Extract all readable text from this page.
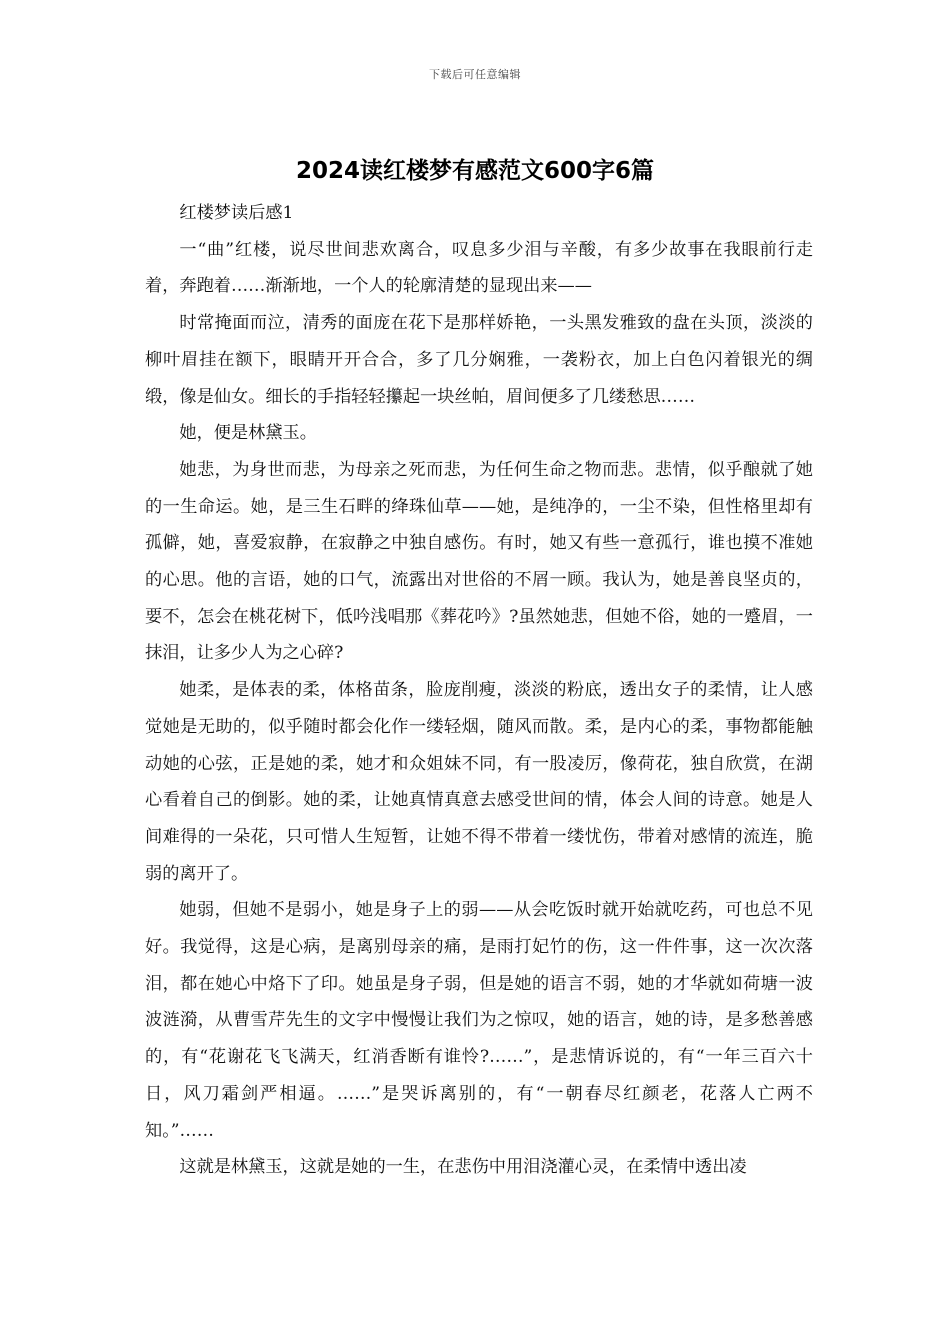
下载后可任意编辑
2024读红楼梦有感范文600字6篇

红楼梦读后感1

一“曲”红楼，说尽世间悲欢离合，叹息多少泪与辛酸，有多少故事在我眼前行走着，奔跑着……渐渐地，一个人的轮廓清楚的显现出来——

时常掩面而泣，清秀的面庞在花下是那样娇艳，一头黑发雅致的盘在头顶，淡淡的柳叶眉挂在额下，眼睛开开合合，多了几分娴雅，一袭粉衣，加上白色闪着银光的绸缎，像是仙女。细长的手指轻轻攥起一块丝帕，眉间便多了几缕愁思……

她，便是林黛玉。

她悲，为身世而悲，为母亲之死而悲，为任何生命之物而悲。悲情，似乎酿就了她的一生命运。她，是三生石畔的绛珠仙草——她，是纯净的，一尘不染，但性格里却有孤僻，她，喜爱寂静，在寂静之中独自感伤。有时，她又有些一意孤行，谁也摸不准她的心思。他的言语，她的口气，流露出对世俗的不屑一顾。我认为，她是善良坚贞的，要不，怎会在桃花树下，低吟浅唱那《葬花吟》?虽然她悲，但她不俗，她的一蹙眉，一抹泪，让多少人为之心碎?

她柔，是体表的柔，体格苗条，脸庞削瘦，淡淡的粉底，透出女子的柔情，让人感觉她是无助的，似乎随时都会化作一缕轻烟，随风而散。柔，是内心的柔，事物都能触动她的心弦，正是她的柔，她才和众姐妹不同，有一股凌厉，像荷花，独自欣赏，在湖心看着自己的倒影。她的柔，让她真情真意去感受世间的情，体会人间的诗意。她是人间难得的一朵花，只可惜人生短暂，让她不得不带着一缕忧伤，带着对感情的流连，脆弱的离开了。

她弱，但她不是弱小，她是身子上的弱——从会吃饭时就开始就吃药，可也总不见好。我觉得，这是心病，是离别母亲的痛，是雨打妃竹的伤，这一件件事，这一次次落泪，都在她心中烙下了印。她虽是身子弱，但是她的语言不弱，她的才华就如荷塘一波波涟漪，从曹雪芹先生的文字中慢慢让我们为之惊叹，她的语言，她的诗，是多愁善感的，有“花谢花飞飞满天，红消香断有谁怜?……”，是悲情诉说的，有“一年三百六十日，风刀霜剑严相逼。……”是哭诉离别的，有“一朝春尽红颜老，花落人亡两不知。”……

这就是林黛玉，这就是她的一生，在悲伤中用泪浇灌心灵，在柔情中透出凌
